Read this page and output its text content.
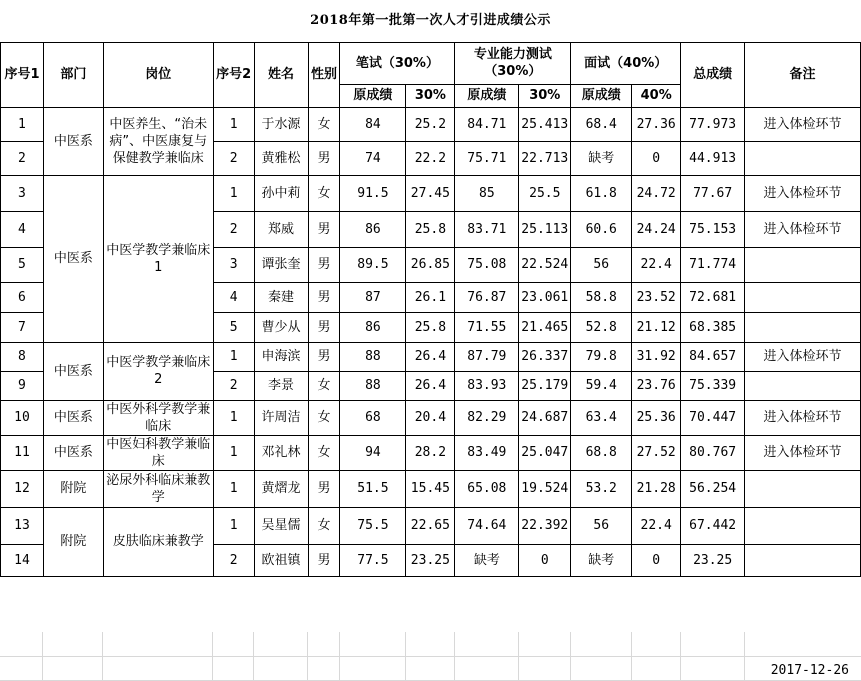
2018年第一批第一次人才引进成绩公示													
序号1	部门	岗位	序号2	姓名	性别	笔试（30%）		专业能力测试（30%）		面试（40%）		总成绩	备注
						原成绩	30%	原成绩	30%	原成绩	40%		
1	中医系	中医养生、“治未病”、中医康复与保健教学兼临床	1	于水源	女	84	25.2	84.71	25.413	68.4	27.36	77.973	进入体检环节
2			2	黄雅松	男	74	22.2	75.71	22.713	缺考	0	44.913	
3	中医系	中医学教学兼临床1	1	孙中莉	女	91.5	27.45	85	25.5	61.8	24.72	77.67	进入体检环节
4			2	郑威	男	86	25.8	83.71	25.113	60.6	24.24	75.153	进入体检环节
5			3	谭张奎	男	89.5	26.85	75.08	22.524	56	22.4	71.774	
6			4	秦建	男	87	26.1	76.87	23.061	58.8	23.52	72.681	
7			5	曹少从	男	86	25.8	71.55	21.465	52.8	21.12	68.385	
8	中医系	中医学教学兼临床2	1	申海滨	男	88	26.4	87.79	26.337	79.8	31.92	84.657	进入体检环节
9			2	李景	女	88	26.4	83.93	25.179	59.4	23.76	75.339	
10	中医系	中医外科学教学兼临床	1	许周洁	女	68	20.4	82.29	24.687	63.4	25.36	70.447	进入体检环节
11	中医系	中医妇科教学兼临床	1	邓礼林	女	94	28.2	83.49	25.047	68.8	27.52	80.767	进入体检环节
12	附院	泌尿外科临床兼教学	1	黄熠龙	男	51.5	15.45	65.08	19.524	53.2	21.28	56.254	
13	附院	皮肤临床兼教学	1	吴星儒	女	75.5	22.65	74.64	22.392	56	22.4	67.442	
14			2	欧祖镇	男	77.5	23.25	缺考	0	缺考	0	23.25	
2017-12-26
